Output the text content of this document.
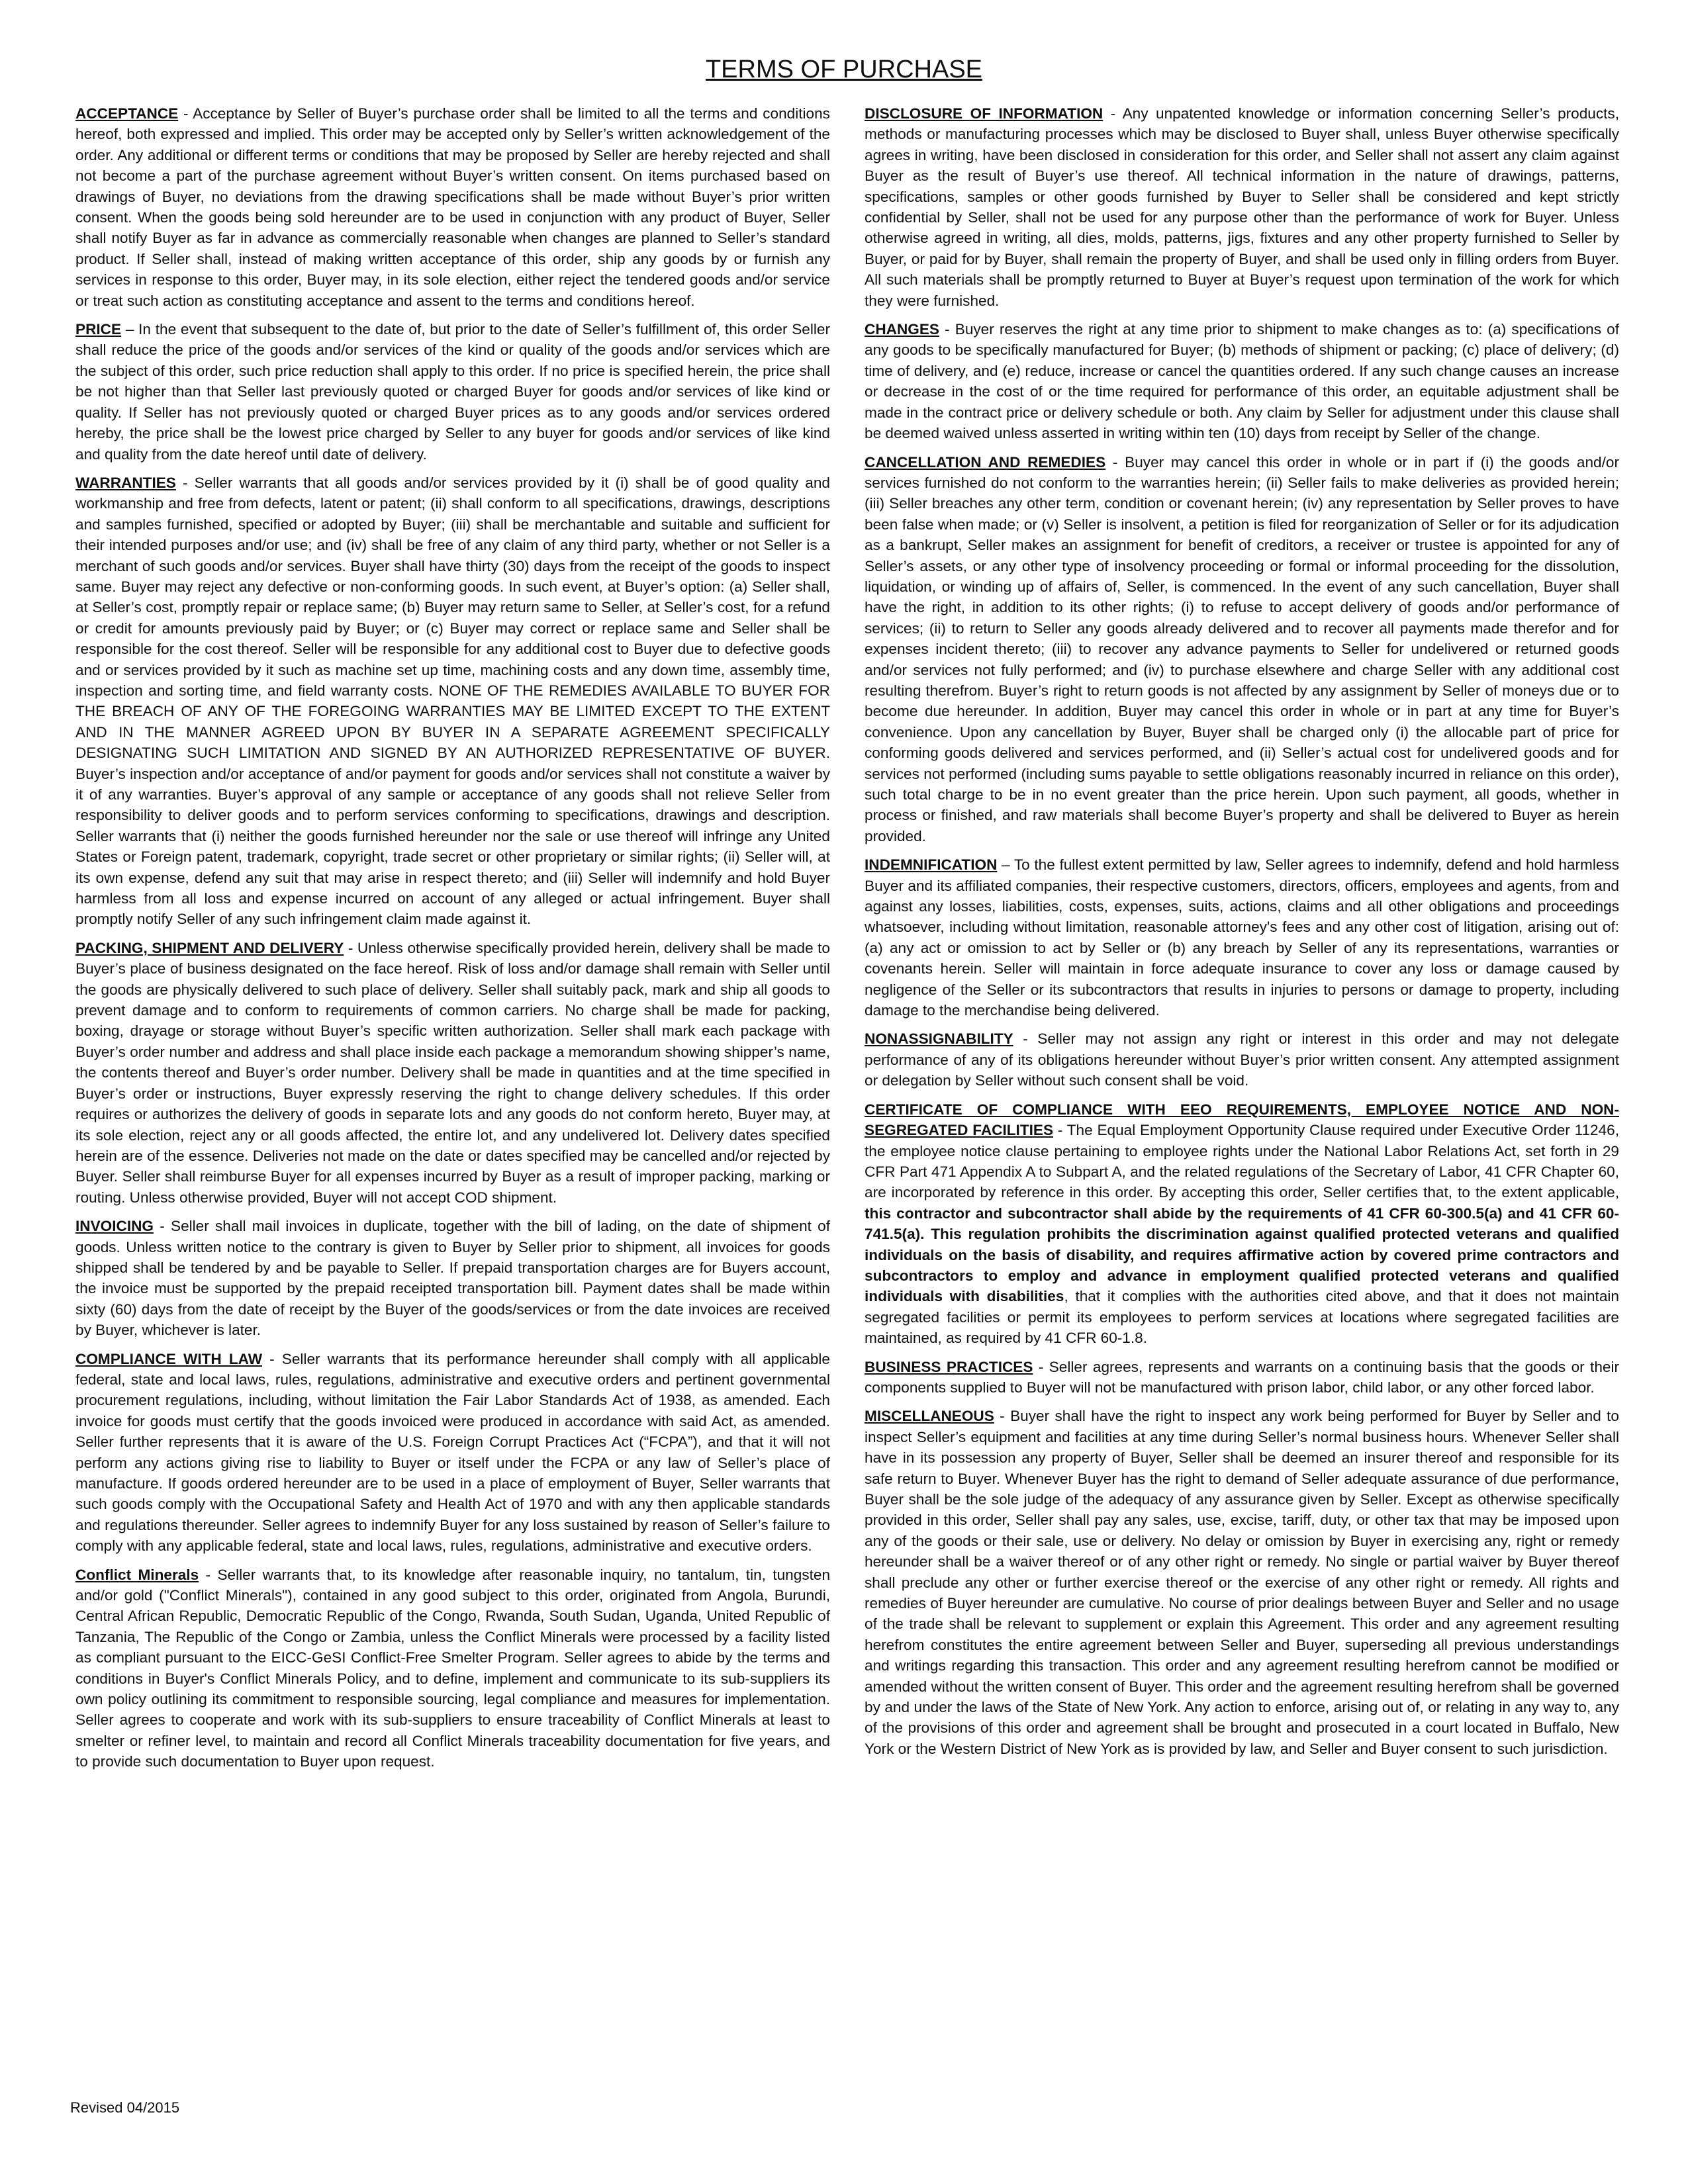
TERMS OF PURCHASE

ACCEPTANCE - Acceptance by Seller of Buyer’s purchase order shall be limited to all the terms and conditions hereof, both expressed and implied. This order may be accepted only by Seller’s written acknowledgement of the order. Any additional or different terms or conditions that may be proposed by Seller are hereby rejected and shall not become a part of the purchase agreement without Buyer’s written consent. On items purchased based on drawings of Buyer, no deviations from the drawing specifications shall be made without Buyer’s prior written consent. When the goods being sold hereunder are to be used in conjunction with any product of Buyer, Seller shall notify Buyer as far in advance as commercially reasonable when changes are planned to Seller’s standard product. If Seller shall, instead of making written acceptance of this order, ship any goods by or furnish any services in response to this order, Buyer may, in its sole election, either reject the tendered goods and/or service or treat such action as constituting acceptance and assent to the terms and conditions hereof.

PRICE – In the event that subsequent to the date of, but prior to the date of Seller’s fulfillment of, this order Seller shall reduce the price of the goods and/or services of the kind or quality of the goods and/or services which are the subject of this order, such price reduction shall apply to this order. If no price is specified herein, the price shall be not higher than that Seller last previously quoted or charged Buyer for goods and/or services of like kind or quality. If Seller has not previously quoted or charged Buyer prices as to any goods and/or services ordered hereby, the price shall be the lowest price charged by Seller to any buyer for goods and/or services of like kind and quality from the date hereof until date of delivery.

WARRANTIES - Seller warrants that all goods and/or services provided by it (i) shall be of good quality and workmanship and free from defects, latent or patent; (ii) shall conform to all specifications, drawings, descriptions and samples furnished, specified or adopted by Buyer; (iii) shall be merchantable and suitable and sufficient for their intended purposes and/or use; and (iv) shall be free of any claim of any third party, whether or not Seller is a merchant of such goods and/or services. Buyer shall have thirty (30) days from the receipt of the goods to inspect same. Buyer may reject any defective or non-conforming goods. In such event, at Buyer’s option: (a) Seller shall, at Seller’s cost, promptly repair or replace same; (b) Buyer may return same to Seller, at Seller’s cost, for a refund or credit for amounts previously paid by Buyer; or (c) Buyer may correct or replace same and Seller shall be responsible for the cost thereof. Seller will be responsible for any additional cost to Buyer due to defective goods and or services provided by it such as machine set up time, machining costs and any down time, assembly time, inspection and sorting time, and field warranty costs. NONE OF THE REMEDIES AVAILABLE TO BUYER FOR THE BREACH OF ANY OF THE FOREGOING WARRANTIES MAY BE LIMITED EXCEPT TO THE EXTENT AND IN THE MANNER AGREED UPON BY BUYER IN A SEPARATE AGREEMENT SPECIFICALLY DESIGNATING SUCH LIMITATION AND SIGNED BY AN AUTHORIZED REPRESENTATIVE OF BUYER. Buyer’s inspection and/or acceptance of and/or payment for goods and/or services shall not constitute a waiver by it of any warranties. Buyer’s approval of any sample or acceptance of any goods shall not relieve Seller from responsibility to deliver goods and to perform services conforming to specifications, drawings and description. Seller warrants that (i) neither the goods furnished hereunder nor the sale or use thereof will infringe any United States or Foreign patent, trademark, copyright, trade secret or other proprietary or similar rights; (ii) Seller will, at its own expense, defend any suit that may arise in respect thereto; and (iii) Seller will indemnify and hold Buyer harmless from all loss and expense incurred on account of any alleged or actual infringement. Buyer shall promptly notify Seller of any such infringement claim made against it.

PACKING, SHIPMENT AND DELIVERY - Unless otherwise specifically provided herein, delivery shall be made to Buyer’s place of business designated on the face hereof. Risk of loss and/or damage shall remain with Seller until the goods are physically delivered to such place of delivery. Seller shall suitably pack, mark and ship all goods to prevent damage and to conform to requirements of common carriers. No charge shall be made for packing, boxing, drayage or storage without Buyer’s specific written authorization. Seller shall mark each package with Buyer’s order number and address and shall place inside each package a memorandum showing shipper’s name, the contents thereof and Buyer’s order number. Delivery shall be made in quantities and at the time specified in Buyer’s order or instructions, Buyer expressly reserving the right to change delivery schedules. If this order requires or authorizes the delivery of goods in separate lots and any goods do not conform hereto, Buyer may, at its sole election, reject any or all goods affected, the entire lot, and any undelivered lot. Delivery dates specified herein are of the essence. Deliveries not made on the date or dates specified may be cancelled and/or rejected by Buyer. Seller shall reimburse Buyer for all expenses incurred by Buyer as a result of improper packing, marking or routing. Unless otherwise provided, Buyer will not accept COD shipment.

INVOICING - Seller shall mail invoices in duplicate, together with the bill of lading, on the date of shipment of goods. Unless written notice to the contrary is given to Buyer by Seller prior to shipment, all invoices for goods shipped shall be tendered by and be payable to Seller. If prepaid transportation charges are for Buyers account, the invoice must be supported by the prepaid receipted transportation bill. Payment dates shall be made within sixty (60) days from the date of receipt by the Buyer of the goods/services or from the date invoices are received by Buyer, whichever is later.

COMPLIANCE WITH LAW - Seller warrants that its performance hereunder shall comply with all applicable federal, state and local laws, rules, regulations, administrative and executive orders and pertinent governmental procurement regulations, including, without limitation the Fair Labor Standards Act of 1938, as amended. Each invoice for goods must certify that the goods invoiced were produced in accordance with said Act, as amended. Seller further represents that it is aware of the U.S. Foreign Corrupt Practices Act (“FCPA”), and that it will not perform any actions giving rise to liability to Buyer or itself under the FCPA or any law of Seller’s place of manufacture. If goods ordered hereunder are to be used in a place of employment of Buyer, Seller warrants that such goods comply with the Occupational Safety and Health Act of 1970 and with any then applicable standards and regulations thereunder. Seller agrees to indemnify Buyer for any loss sustained by reason of Seller’s failure to comply with any applicable federal, state and local laws, rules, regulations, administrative and executive orders.

Conflict Minerals - Seller warrants that, to its knowledge after reasonable inquiry, no tantalum, tin, tungsten and/or gold ("Conflict Minerals"), contained in any good subject to this order, originated from Angola, Burundi, Central African Republic, Democratic Republic of the Congo, Rwanda, South Sudan, Uganda, United Republic of Tanzania, The Republic of the Congo or Zambia, unless the Conflict Minerals were processed by a facility listed as compliant pursuant to the EICC-GeSI Conflict-Free Smelter Program. Seller agrees to abide by the terms and conditions in Buyer's Conflict Minerals Policy, and to define, implement and communicate to its sub-suppliers its own policy outlining its commitment to responsible sourcing, legal compliance and measures for implementation. Seller agrees to cooperate and work with its sub-suppliers to ensure traceability of Conflict Minerals at least to smelter or refiner level, to maintain and record all Conflict Minerals traceability documentation for five years, and to provide such documentation to Buyer upon request.

DISCLOSURE OF INFORMATION - Any unpatented knowledge or information concerning Seller’s products, methods or manufacturing processes which may be disclosed to Buyer shall, unless Buyer otherwise specifically agrees in writing, have been disclosed in consideration for this order, and Seller shall not assert any claim against Buyer as the result of Buyer’s use thereof. All technical information in the nature of drawings, patterns, specifications, samples or other goods furnished by Buyer to Seller shall be considered and kept strictly confidential by Seller, shall not be used for any purpose other than the performance of work for Buyer. Unless otherwise agreed in writing, all dies, molds, patterns, jigs, fixtures and any other property furnished to Seller by Buyer, or paid for by Buyer, shall remain the property of Buyer, and shall be used only in filling orders from Buyer. All such materials shall be promptly returned to Buyer at Buyer’s request upon termination of the work for which they were furnished.

CHANGES - Buyer reserves the right at any time prior to shipment to make changes as to: (a) specifications of any goods to be specifically manufactured for Buyer; (b) methods of shipment or packing; (c) place of delivery; (d) time of delivery, and (e) reduce, increase or cancel the quantities ordered. If any such change causes an increase or decrease in the cost of or the time required for performance of this order, an equitable adjustment shall be made in the contract price or delivery schedule or both. Any claim by Seller for adjustment under this clause shall be deemed waived unless asserted in writing within ten (10) days from receipt by Seller of the change.

CANCELLATION AND REMEDIES - Buyer may cancel this order in whole or in part if (i) the goods and/or services furnished do not conform to the warranties herein; (ii) Seller fails to make deliveries as provided herein; (iii) Seller breaches any other term, condition or covenant herein; (iv) any representation by Seller proves to have been false when made; or (v) Seller is insolvent, a petition is filed for reorganization of Seller or for its adjudication as a bankrupt, Seller makes an assignment for benefit of creditors, a receiver or trustee is appointed for any of Seller’s assets, or any other type of insolvency proceeding or formal or informal proceeding for the dissolution, liquidation, or winding up of affairs of, Seller, is commenced. In the event of any such cancellation, Buyer shall have the right, in addition to its other rights; (i) to refuse to accept delivery of goods and/or performance of services; (ii) to return to Seller any goods already delivered and to recover all payments made therefor and for expenses incident thereto; (iii) to recover any advance payments to Seller for undelivered or returned goods and/or services not fully performed; and (iv) to purchase elsewhere and charge Seller with any additional cost resulting therefrom. Buyer’s right to return goods is not affected by any assignment by Seller of moneys due or to become due hereunder. In addition, Buyer may cancel this order in whole or in part at any time for Buyer’s convenience. Upon any cancellation by Buyer, Buyer shall be charged only (i) the allocable part of price for conforming goods delivered and services performed, and (ii) Seller’s actual cost for undelivered goods and for services not performed (including sums payable to settle obligations reasonably incurred in reliance on this order), such total charge to be in no event greater than the price herein. Upon such payment, all goods, whether in process or finished, and raw materials shall become Buyer’s property and shall be delivered to Buyer as herein provided.

INDEMNIFICATION – To the fullest extent permitted by law, Seller agrees to indemnify, defend and hold harmless Buyer and its affiliated companies, their respective customers, directors, officers, employees and agents, from and against any losses, liabilities, costs, expenses, suits, actions, claims and all other obligations and proceedings whatsoever, including without limitation, reasonable attorney's fees and any other cost of litigation, arising out of: (a) any act or omission to act by Seller or (b) any breach by Seller of any its representations, warranties or covenants herein. Seller will maintain in force adequate insurance to cover any loss or damage caused by negligence of the Seller or its subcontractors that results in injuries to persons or damage to property, including damage to the merchandise being delivered.

NONASSIGNABILITY - Seller may not assign any right or interest in this order and may not delegate performance of any of its obligations hereunder without Buyer’s prior written consent. Any attempted assignment or delegation by Seller without such consent shall be void.

CERTIFICATE OF COMPLIANCE WITH EEO REQUIREMENTS, EMPLOYEE NOTICE AND NON-SEGREGATED FACILITIES - The Equal Employment Opportunity Clause required under Executive Order 11246, the employee notice clause pertaining to employee rights under the National Labor Relations Act, set forth in 29 CFR Part 471 Appendix A to Subpart A, and the related regulations of the Secretary of Labor, 41 CFR Chapter 60, are incorporated by reference in this order. By accepting this order, Seller certifies that, to the extent applicable, this contractor and subcontractor shall abide by the requirements of 41 CFR 60-300.5(a) and 41 CFR 60-741.5(a). This regulation prohibits the discrimination against qualified protected veterans and qualified individuals on the basis of disability, and requires affirmative action by covered prime contractors and subcontractors to employ and advance in employment qualified protected veterans and qualified individuals with disabilities, that it complies with the authorities cited above, and that it does not maintain segregated facilities or permit its employees to perform services at locations where segregated facilities are maintained, as required by 41 CFR 60-1.8.

BUSINESS PRACTICES - Seller agrees, represents and warrants on a continuing basis that the goods or their components supplied to Buyer will not be manufactured with prison labor, child labor, or any other forced labor.

MISCELLANEOUS - Buyer shall have the right to inspect any work being performed for Buyer by Seller and to inspect Seller’s equipment and facilities at any time during Seller’s normal business hours. Whenever Seller shall have in its possession any property of Buyer, Seller shall be deemed an insurer thereof and responsible for its safe return to Buyer. Whenever Buyer has the right to demand of Seller adequate assurance of due performance, Buyer shall be the sole judge of the adequacy of any assurance given by Seller. Except as otherwise specifically provided in this order, Seller shall pay any sales, use, excise, tariff, duty, or other tax that may be imposed upon any of the goods or their sale, use or delivery. No delay or omission by Buyer in exercising any, right or remedy hereunder shall be a waiver thereof or of any other right or remedy. No single or partial waiver by Buyer thereof shall preclude any other or further exercise thereof or the exercise of any other right or remedy. All rights and remedies of Buyer hereunder are cumulative. No course of prior dealings between Buyer and Seller and no usage of the trade shall be relevant to supplement or explain this Agreement. This order and any agreement resulting herefrom constitutes the entire agreement between Seller and Buyer, superseding all previous understandings and writings regarding this transaction. This order and any agreement resulting herefrom cannot be modified or amended without the written consent of Buyer. This order and the agreement resulting herefrom shall be governed by and under the laws of the State of New York. Any action to enforce, arising out of, or relating in any way to, any of the provisions of this order and agreement shall be brought and prosecuted in a court located in Buffalo, New York or the Western District of New York as is provided by law, and Seller and Buyer consent to such jurisdiction.

Revised 04/2015
